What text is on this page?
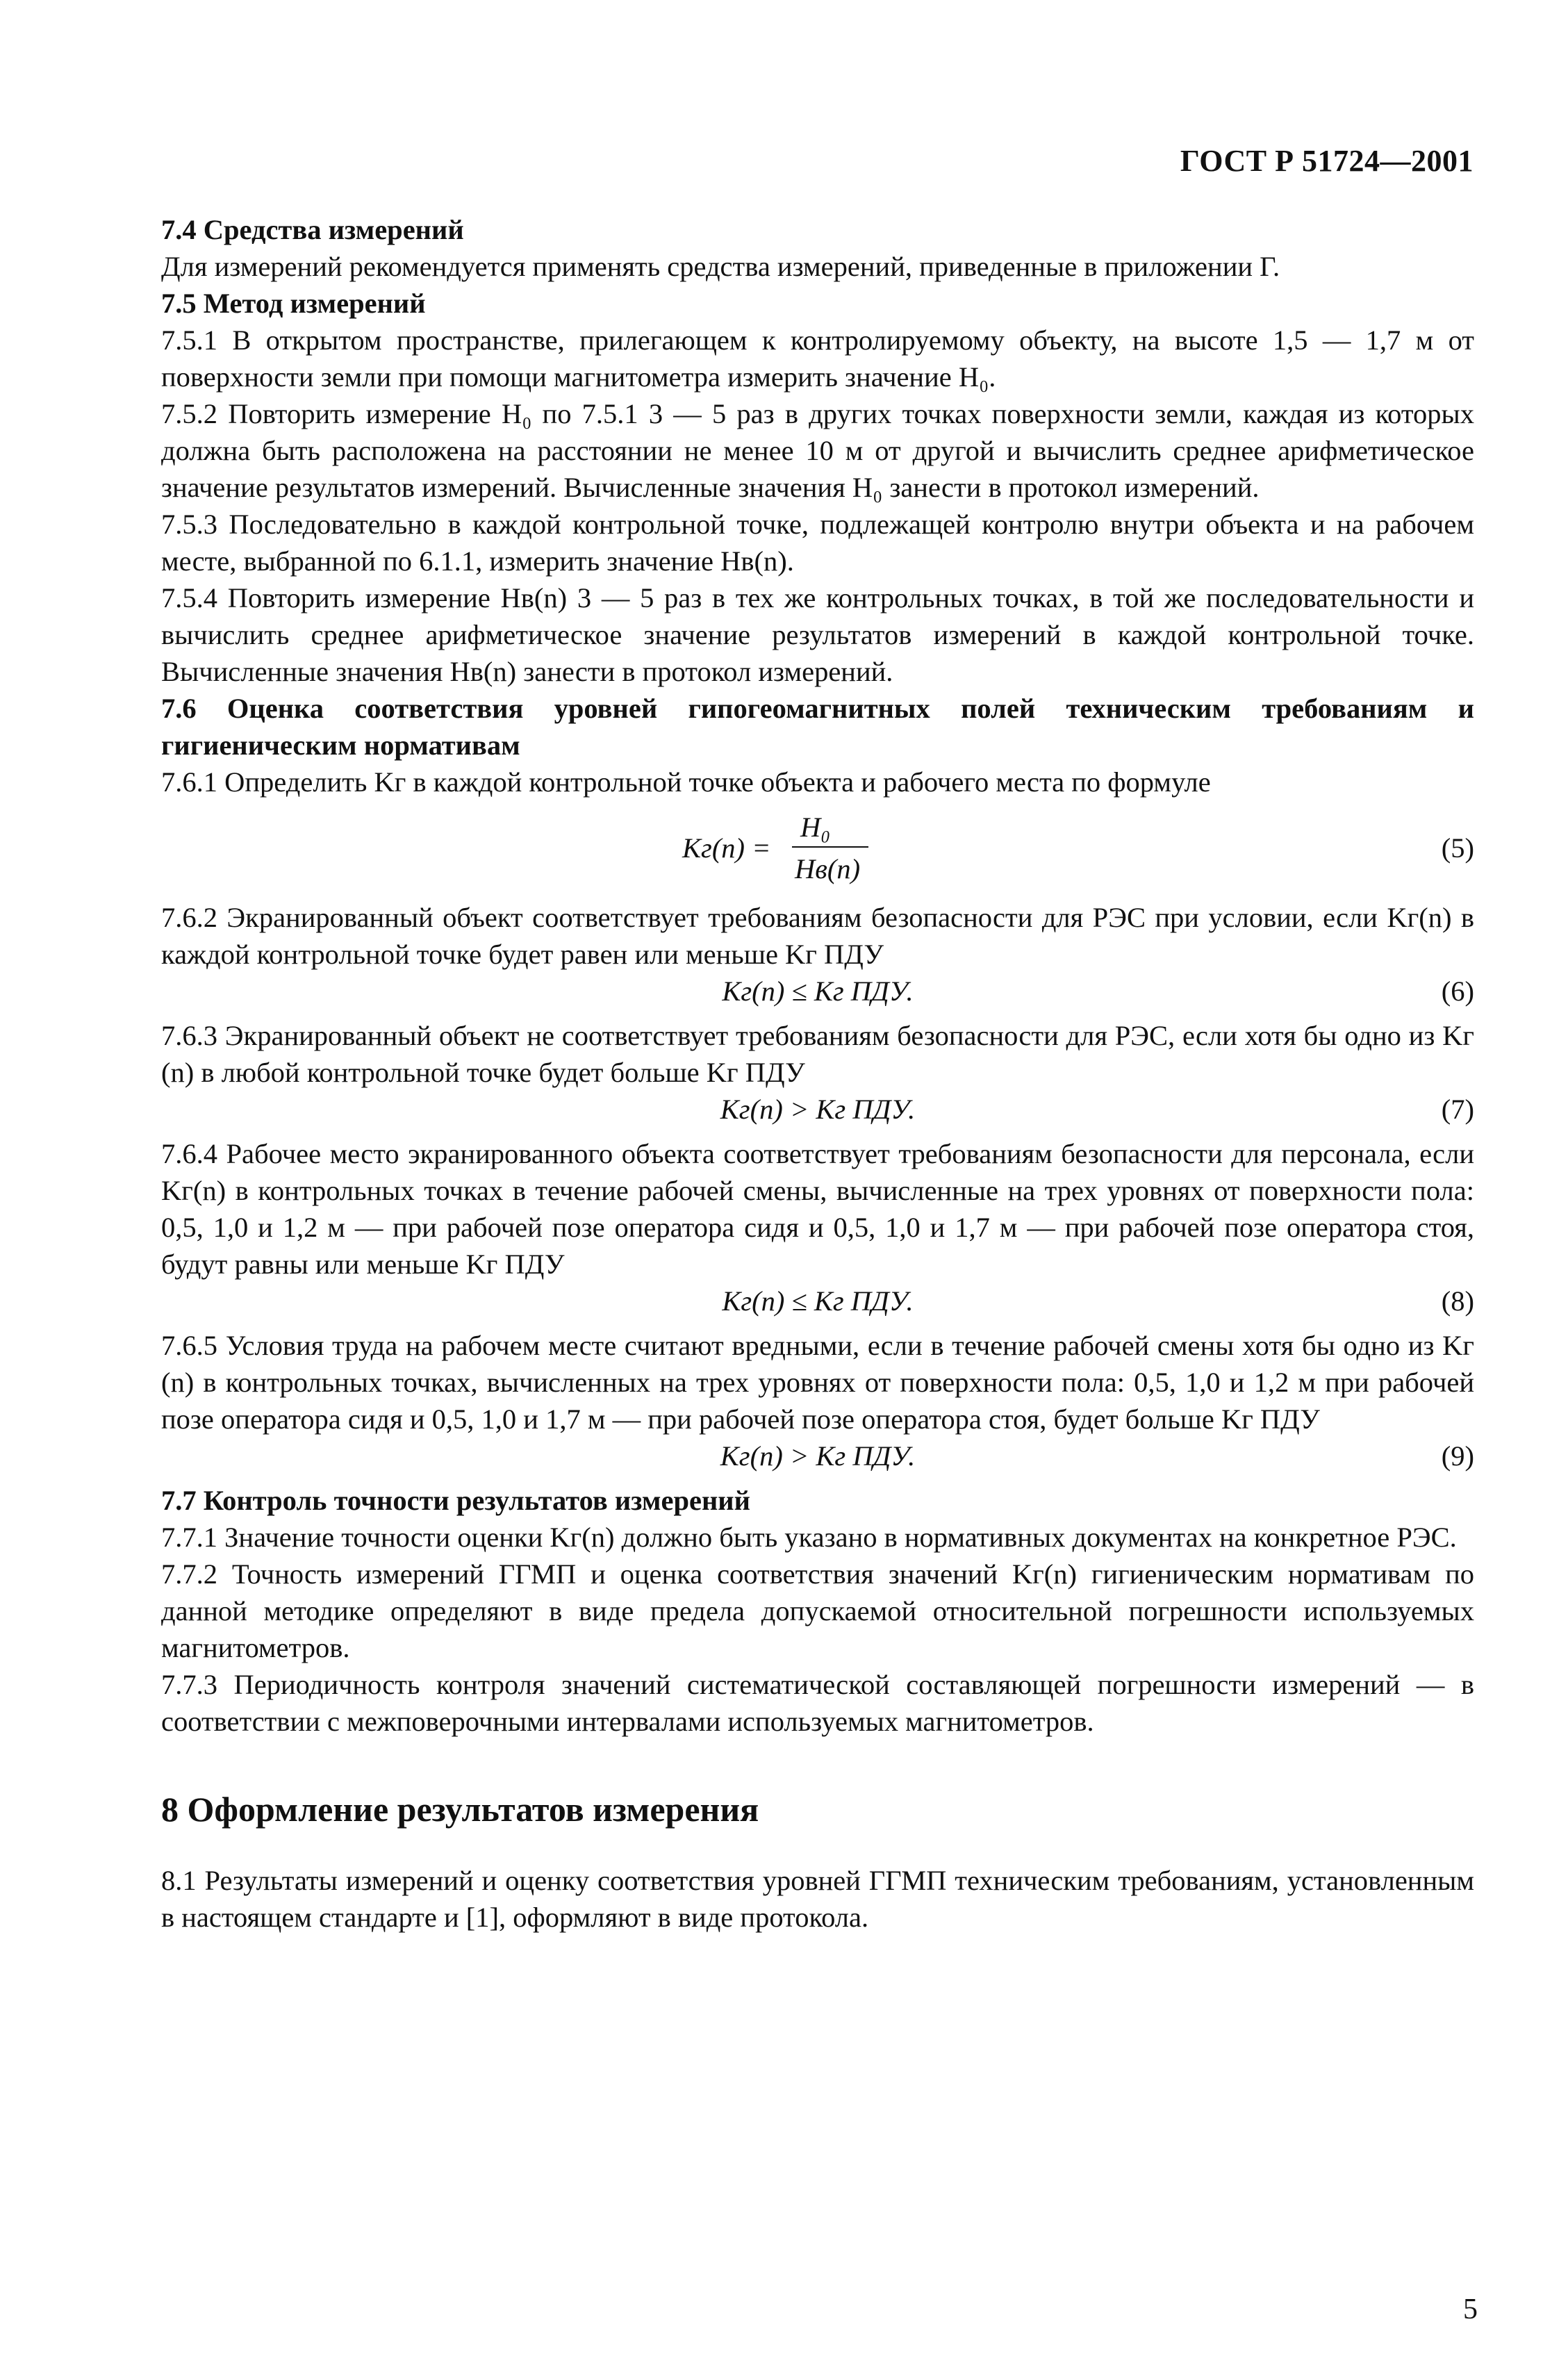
ГОСТ Р 51724—2001

7.4 Средства измерений

Для измерений рекомендуется применять средства измерений, приведенные в приложении Г.

7.5 Метод измерений

7.5.1 В открытом пространстве, прилегающем к контролируемому объекту, на высоте 1,5 — 1,7 м от поверхности земли при помощи магнитометра измерить значение H₀.

7.5.2 Повторить измерение H₀ по 7.5.1 3 — 5 раз в других точках поверхности земли, каждая из которых должна быть расположена на расстоянии не менее 10 м от другой и вычислить среднее арифметическое значение результатов измерений. Вычисленные значения H₀ занести в протокол измерений.

7.5.3 Последовательно в каждой контрольной точке, подлежащей контролю внутри объекта и на рабочем месте, выбранной по 6.1.1, измерить значение Hв(n).

7.5.4 Повторить измерение Hв(n) 3 — 5 раз в тех же контрольных точках, в той же последовательности и вычислить среднее арифметическое значение результатов измерений в каждой контрольной точке. Вычисленные значения Hв(n) занести в протокол измерений.

7.6 Оценка соответствия уровней гипогеомагнитных полей техническим требованиям и гигиеническим нормативам

7.6.1 Определить Kг в каждой контрольной точке объекта и рабочего места по формуле

Kг(n) =
H₀
Hв(n)
(5)

7.6.2 Экранированный объект соответствует требованиям безопасности для РЭС при условии, если Kг(n) в каждой контрольной точке будет равен или меньше Kг ПДУ

Kг(n) ≤ Kг ПДУ.	(6)

7.6.3 Экранированный объект не соответствует требованиям безопасности для РЭС, если хотя бы одно из Kг (n) в любой контрольной точке будет больше Kг ПДУ

Kг(n) > Kг ПДУ.	(7)

7.6.4 Рабочее место экранированного объекта соответствует требованиям безопасности для персонала, если Kг(n) в контрольных точках в течение рабочей смены, вычисленные на трех уровнях от поверхности пола: 0,5, 1,0 и 1,2 м — при рабочей позе оператора сидя и 0,5, 1,0 и 1,7 м — при рабочей позе оператора стоя, будут равны или меньше Kг ПДУ

Kг(n) ≤ Kг ПДУ.	(8)

7.6.5 Условия труда на рабочем месте считают вредными, если в течение рабочей смены хотя бы одно из Kг (n) в контрольных точках, вычисленных на трех уровнях от поверхности пола: 0,5, 1,0 и 1,2 м при рабочей позе оператора сидя и 0,5, 1,0 и 1,7 м — при рабочей позе оператора стоя, будет больше Kг ПДУ

Kг(n) > Kг ПДУ.	(9)

7.7 Контроль точности результатов измерений

7.7.1 Значение точности оценки Kг(n) должно быть указано в нормативных документах на конкретное РЭС.

7.7.2 Точность измерений ГГМП и оценка соответствия значений Kг(n) гигиеническим нормативам по данной методике определяют в виде предела допускаемой относительной погрешности используемых магнитометров.

7.7.3 Периодичность контроля значений систематической составляющей погрешности измерений — в соответствии с межповерочными интервалами используемых магнитометров.

8 Оформление результатов измерения

8.1 Результаты измерений и оценку соответствия уровней ГГМП техническим требованиям, установленным в настоящем стандарте и [1], оформляют в виде протокола.

5
